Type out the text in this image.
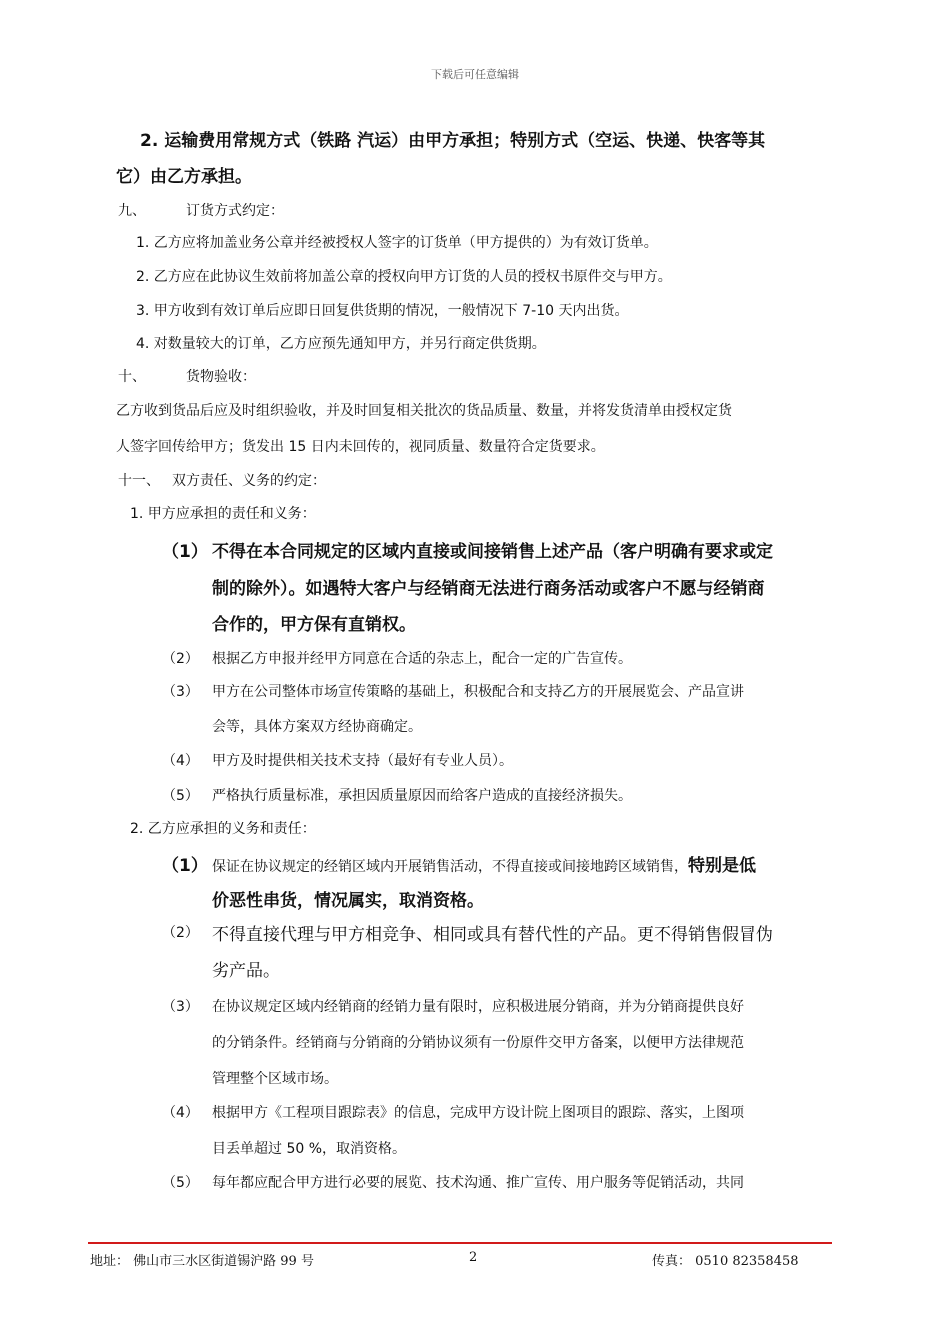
下载后可任意编辑
2. 运输费用常规方式（铁路 汽运）由甲方承担；特别方式（空运、快递、快客等其
它）由乙方承担。
九、	订货方式约定：
1. 乙方应将加盖业务公章并经被授权人签字的订货单（甲方提供的）为有效订货单。
2. 乙方应在此协议生效前将加盖公章的授权向甲方订货的人员的授权书原件交与甲方。
3. 甲方收到有效订单后应即日回复供货期的情况，一般情况下 7-10 天内出货。
4. 对数量较大的订单，乙方应预先通知甲方，并另行商定供货期。
十、	货物验收：
乙方收到货品后应及时组织验收，并及时回复相关批次的货品质量、数量，并将发货清单由授权定货
人签字回传给甲方；货发出 15 日内未回传的，视同质量、数量符合定货要求。
十一、 双方责任、义务的约定：
1. 甲方应承担的责任和义务：
（1） 不得在本合同规定的区域内直接或间接销售上述产品（客户明确有要求或定
制的除外）。如遇特大客户与经销商无法进行商务活动或客户不愿与经销商
合作的，甲方保有直销权。
（2） 根据乙方申报并经甲方同意在合适的杂志上，配合一定的广告宣传。
（3） 甲方在公司整体市场宣传策略的基础上，积极配合和支持乙方的开展展览会、产品宣讲
会等，具体方案双方经协商确定。
（4） 甲方及时提供相关技术支持（最好有专业人员）。
（5） 严格执行质量标准，承担因质量原因而给客户造成的直接经济损失。
2. 乙方应承担的义务和责任：
（1） 保证在协议规定的经销区域内开展销售活动，不得直接或间接地跨区域销售，特别是低
价恶性串货，情况属实，取消资格。
（2） 不得直接代理与甲方相竞争、相同或具有替代性的产品。更不得销售假冒伪
劣产品。
（3） 在协议规定区域内经销商的经销力量有限时，应积极进展分销商，并为分销商提供良好
的分销条件。经销商与分销商的分销协议须有一份原件交甲方备案，以便甲方法律规范
管理整个区域市场。
（4） 根据甲方《工程项目跟踪表》的信息，完成甲方设计院上图项目的跟踪、落实，上图项
目丢单超过 50 %，取消资格。
（5） 每年都应配合甲方进行必要的展览、技术沟通、推广宣传、用户服务等促销活动，共同
地址： 佛山市三水区街道锡沪路 99 号	2	传真： 0510 82358458
